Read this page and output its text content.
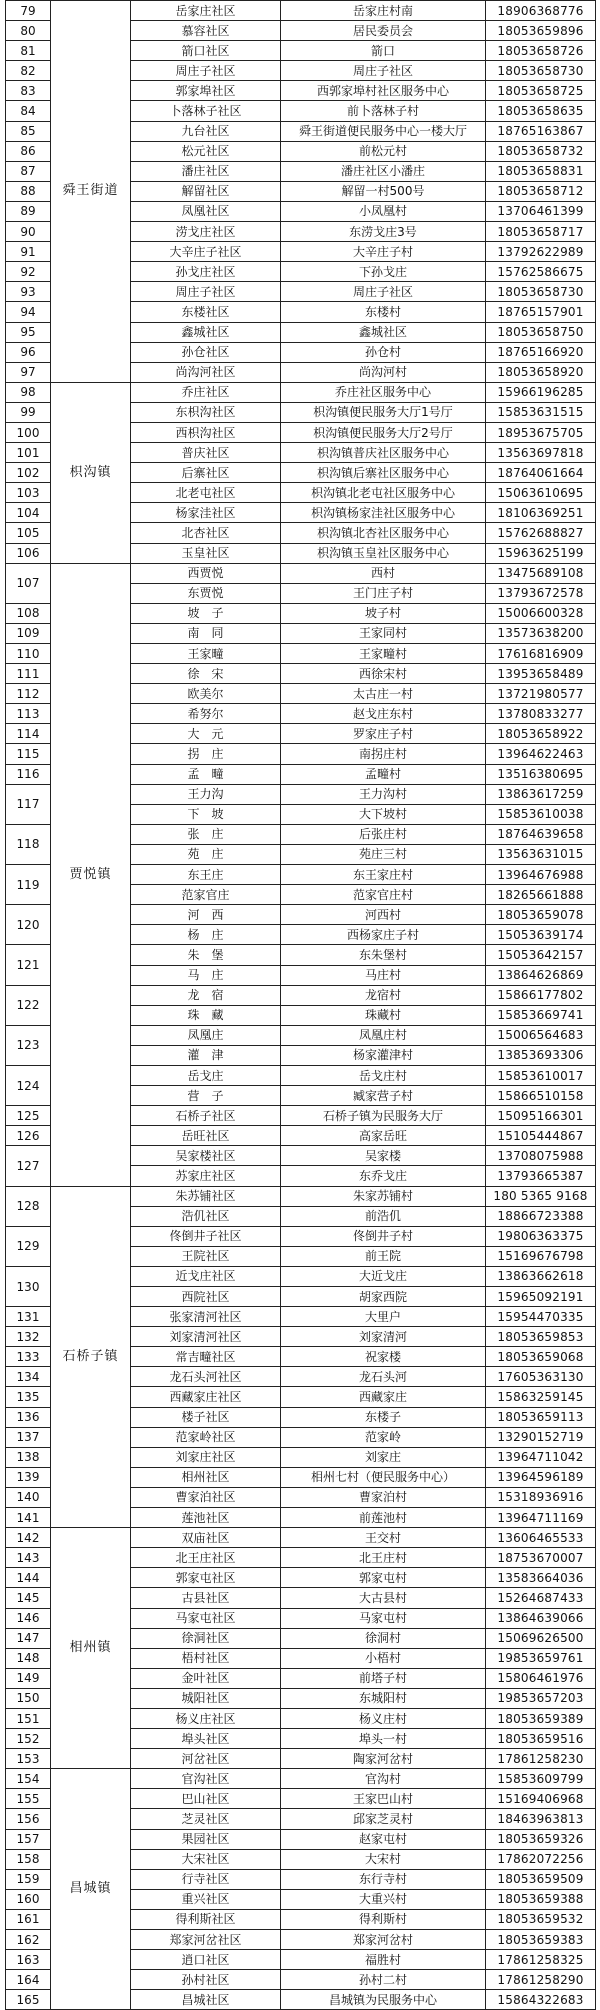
79	舜王街道	岳家庄社区	岳家庄村南	18906368776
80		慕容社区	居民委员会	18053659896
81		箭口社区	箭口	18053658726
82		周庄子社区	周庄子社区	18053658730
83		郭家埠社区	西郭家埠村社区服务中心	18053658725
84		卜落林子社区	前卜落林子村	18053658635
85		九台社区	舜王街道便民服务中心一楼大厅	18765163867
86		松元社区	前松元村	18053658732
87		潘庄社区	潘庄社区小潘庄	18053658831
88		解留社区	解留一村500号	18053658712
89		凤凰社区	小凤凰村	13706461399
90		涝戈庄社区	东涝戈庄3号	18053658717
91		大辛庄子社区	大辛庄子村	13792622989
92		孙戈庄社区	下孙戈庄	15762586675
93		周庄子社区	周庄子社区	18053658730
94		东楼社区	东楼村	18765157901
95		鑫城社区	鑫城社区	18053658750
96		孙仓社区	孙仓村	18765166920
97		尚沟河社区	尚沟河村	18053658920
98	枳沟镇	乔庄社区	乔庄社区服务中心	15966196285
99		东枳沟社区	枳沟镇便民服务大厅1号厅	15853631515
100		西枳沟社区	枳沟镇便民服务大厅2号厅	18953675705
101		普庆社区	枳沟镇普庆社区服务中心	13563697818
102		后寨社区	枳沟镇后寨社区服务中心	18764061664
103		北老屯社区	枳沟镇北老屯社区服务中心	15063610695
104		杨家洼社区	枳沟镇杨家洼社区服务中心	18106369251
105		北杏社区	枳沟镇北杏社区服务中心	15762688827
106		玉皇社区	枳沟镇玉皇社区服务中心	15963625199
107	贾悦镇	西贾悦	西村	13475689108
		东贾悦	王门庄子村	13793672578
108		坡　子	坡子村	15006600328
109		南　同	王家同村	13573638200
110		王家疃	王家疃村	17616816909
111		徐　宋	西徐宋村	13953658489
112		欧美尔	太古庄一村	13721980577
113		希努尔	赵戈庄东村	13780833277
114		大　元	罗家庄子村	18053658922
115		拐　庄	南拐庄村	13964622463
116		孟　疃	孟疃村	13516380695
117		王力沟	王力沟村	13863617259
		下　坡	大下坡村	15853610038
118		张　庄	后张庄村	18764639658
		苑　庄	苑庄三村	13563631015
119		东王庄	东王家庄村	13964676988
		范家官庄	范家官庄村	18265661888
120		河　西	河西村	18053659078
		杨　庄	西杨家庄子村	15053639174
121		朱　堡	东朱堡村	15053642157
		马　庄	马庄村	13864626869
122		龙　宿	龙宿村	15866177802
		珠　藏	珠藏村	15853669741
123		凤凰庄	凤凰庄村	15006564683
		灌　津	杨家灌津村	13853693306
124		岳戈庄	岳戈庄村	15853610017
		营　子	臧家营子村	15866510158
125		石桥子社区	石桥子镇为民服务大厅	15095166301
126		岳旺社区	高家岳旺	15105444867
127		吴家楼社区	吴家楼	13708075988
		苏家庄社区	东乔戈庄	13793665387
128	石桥子镇	朱苏铺社区	朱家苏铺村	180 5365 9168
		浩仉社区	前浩仉	18866723388
129		佟倒井子社区	佟倒井子村	19806363375
		王院社区	前王院	15169676798
130		近戈庄社区	大近戈庄	13863662618
		西院社区	胡家西院	15965092191
131		张家清河社区	大里户	15954470335
132		刘家清河社区	刘家清河	18053659853
133		常吉疃社区	祝家楼	18053659068
134		龙石头河社区	龙石头河	17605363130
135		西藏家庄社区	西藏家庄	15863259145
136		楼子社区	东楼子	18053659113
137		范家岭社区	范家岭	13290152719
138		刘家庄社区	刘家庄	13964711042
139		相州社区	相州七村（便民服务中心）	13964596189
140		曹家泊社区	曹家泊村	15318936916
141		莲池社区	前莲池村	13964711169
142	相州镇	双庙社区	王交村	13606465533
143		北王庄社区	北王庄村	18753670007
144		郭家屯社区	郭家屯村	13583664036
145		古县社区	大古县村	15264687433
146		马家屯社区	马家屯村	13864639066
147		徐洞社区	徐洞村	15069626500
148		梧村社区	小梧村	19853659761
149		金叶社区	前塔子村	15806461976
150		城阳社区	东城阳村	19853657203
151		杨义庄社区	杨义庄村	18053659389
152		埠头社区	埠头一村	18053659516
153		河岔社区	陶家河岔村	17861258230
154	昌城镇	官沟社区	官沟村	15853609799
155		巴山社区	王家巴山村	15169406968
156		芝灵社区	邱家芝灵村	18463963813
157		果园社区	赵家屯村	18053659326
158		大宋社区	大宋村	17862072256
159		行寺社区	东行寺村	18053659509
160		重兴社区	大重兴村	18053659388
161		得利斯社区	得利斯村	18053659532
162		郑家河岔社区	郑家河岔村	18053659383
163		逍口社区	福胜村	17861258325
164		孙村社区	孙村二村	17861258290
165		昌城社区	昌城镇为民服务中心	15864322683
